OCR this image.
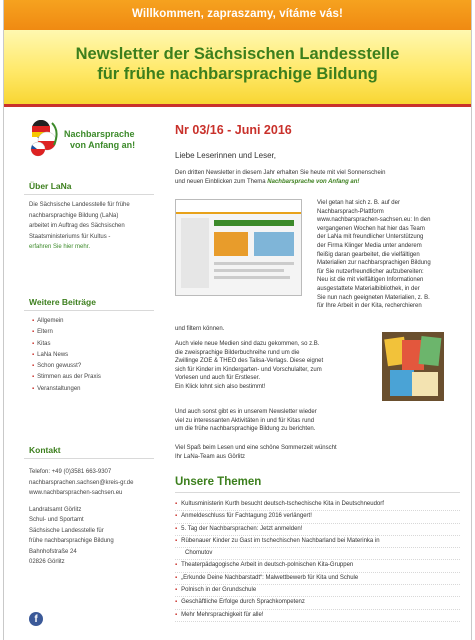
Willkommen, zapraszamy, vítáme vás!
Newsletter der Sächsischen Landesstelle
für frühe nachbarsprachige Bildung
Nachbarsprache
von Anfang an!
Über LaNa
Die Sächsische Landesstelle für frühe
nachbarsprachige Bildung (LaNa)
arbeitet im Auftrag des Sächsischen
Staatsministeriums für Kultus -
erfahren Sie hier mehr.
Weitere Beiträge
▪ Allgemein
▪ Eltern
▪ Kitas
▪ LaNa News
▪ Schon gewusst?
▪ Stimmen aus der Praxis
▪ Veranstaltungen
Kontakt
Telefon: +49 (0)3581 663-9307
nachbarsprachen.sachsen@kreis-gr.de
www.nachbarsprachen-sachsen.eu
Landratsamt Görlitz
Schul- und Sportamt
Sächsische Landesstelle für
frühe nachbarsprachige Bildung
Bahnhofstraße 24
02826 Görlitz
f
Nr 03/16 - Juni 2016
Liebe Leserinnen und Leser,
Den dritten Newsletter in diesem Jahr erhalten Sie heute mit viel Sonnenschein
und neuen Einblicken zum Thema Nachbarsprache von Anfang an!
Viel getan hat sich z. B. auf der
Nachbarsprach-Plattform
www.nachbarsprachen-sachsen.eu: In den
vergangenen Wochen hat hier das Team
der LaNa mit freundlicher Unterstützung
der Firma Klinger Media unter anderem
fleißig daran gearbeitet, die vielfältigen
Materialien zur nachbarsprachigen Bildung
für Sie nutzerfreundlicher aufzubereiten:
Neu ist die mit vielfältigen Informationen
ausgestattete Materialbibliothek, in der
Sie nun nach geeigneten Materialien, z. B.
für Ihre Arbeit in der Kita, recherchieren
und filtern können.
Auch viele neue Medien sind dazu gekommen, so z.B.
die zweisprachige Bilderbuchreihe rund um die
Zwillinge ZOE & THEO des Talisa-Verlags. Diese eignet
sich für Kinder im Kindergarten- und Vorschulalter, zum
Vorlesen und auch für Erstleser.
Ein Klick lohnt sich also bestimmt!
Und auch sonst gibt es in unserem Newsletter wieder
viel zu interessanten Aktivitäten in und für Kitas rund
um die frühe nachbarsprachige Bildung zu berichten.
Viel Spaß beim Lesen und eine schöne Sommerzeit wünscht
Ihr LaNa-Team aus Görlitz
Unsere Themen
▪ Kultusministerin Kurth besucht deutsch-tschechische Kita in Deutschneudorf
▪ Anmeldeschluss für Fachtagung 2016 verlängert!
▪ 5. Tag der Nachbarsprachen: Jetzt anmelden!
▪ Rübenauer Kinder zu Gast im tschechischen Nachbarland bei Materinka in
Chomutov
▪ Theaterpädagogische Arbeit in deutsch-polnischen Kita-Gruppen
▪ „Erkunde Deine Nachbarstadt“: Malwettbewerb für Kita und Schule
▪ Polnisch in der Grundschule
▪ Geschäftliche Erfolge durch Sprachkompetenz
▪ Mehr Mehrsprachigkeit für alle!
